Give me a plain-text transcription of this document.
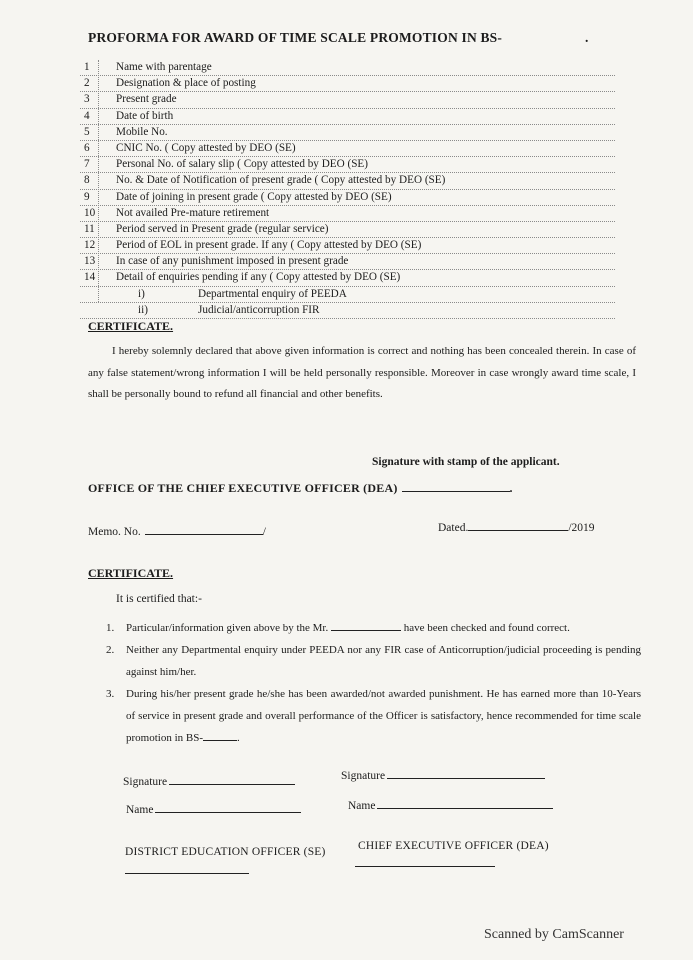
PROFORMA FOR AWARD OF TIME SCALE PROMOTION IN BS-	.
1	Name with parentage
2	Designation & place of posting
3	Present grade
4	Date of birth
5	Mobile No.
6	CNIC No. ( Copy attested by DEO (SE)
7	Personal No. of salary slip ( Copy attested by DEO (SE)
8	No. & Date of Notification of present grade ( Copy attested by DEO (SE)
9	Date of joining in present grade ( Copy attested by DEO (SE)
10	Not availed Pre-mature retirement
11	Period served in Present grade (regular service)
12	Period of EOL in present grade. If any ( Copy attested by DEO (SE)
13	In case of any punishment imposed in present grade
14	Detail of enquiries pending if any ( Copy attested by DEO (SE)
i)	Departmental enquiry of PEEDA
ii)	Judicial/anticorruption FIR
CERTIFICATE.
I hereby solemnly declared that above given information is correct and nothing has been concealed therein. In case of any false statement/wrong information I will be held personally responsible. Moreover in case wrongly award time scale, I shall be personally bound to refund all financial and other benefits.
Signature with stamp of the applicant.
OFFICE OF THE CHIEF EXECUTIVE OFFICER (DEA)	.
Memo. No.	/	Dated.	/2019
CERTIFICATE.
It is certified that:-
1. Particular/information given above by the Mr.	have been checked and found correct.
2. Neither any Departmental enquiry under PEEDA nor any FIR case of Anticorruption/judicial proceeding is pending against him/her.
3. During his/her present grade he/she has been awarded/not awarded punishment. He has earned more than 10-Years of service in present grade and overall performance of the Officer is satisfactory, hence recommended for time scale promotion in BS-	.
Signature	Signature
Name	Name
DISTRICT EDUCATION OFFICER (SE)	CHIEF EXECUTIVE OFFICER (DEA)
Scanned by CamScanner
